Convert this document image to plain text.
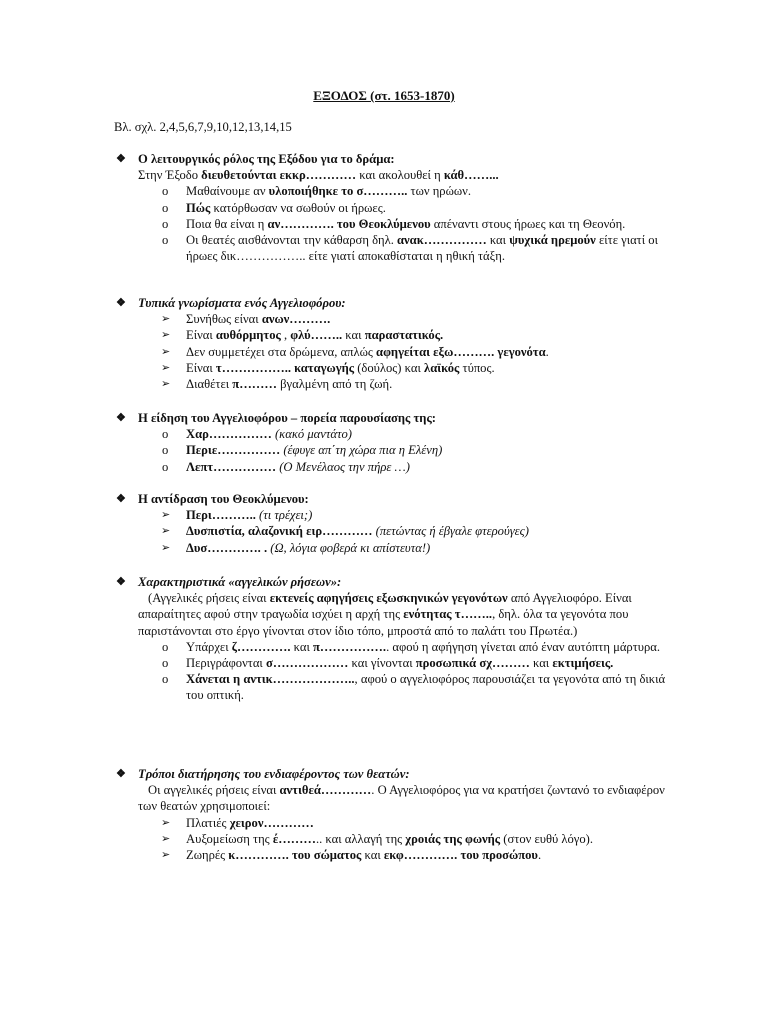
ΕΞΟΔΟΣ (στ. 1653-1870)
Βλ. σχλ. 2,4,5,6,7,9,10,12,13,14,15
❖ Ο λειτουργικός ρόλος της Εξόδου για το δράμα:
Στην Έξοδο διευθετούνται εκκρ………… και ακολουθεί η κάθ……...
o	Μαθαίνουμε αν υλοποιήθηκε το σ……….. των ηρώων.
o	Πώς κατόρθωσαν να σωθούν οι ήρωες.
o	Ποια θα είναι η αν…………. του Θεοκλύμενου απέναντι στους ήρωες και τη Θεονόη.
o	Οι θεατές αισθάνονται την κάθαρση δηλ. ανακ…………… και ψυχικά ηρεμούν είτε γιατί οι ήρωες δικ…………….. είτε γιατί αποκαθίσταται η ηθική τάξη.
❖ Τυπικά γνωρίσματα ενός Αγγελιοφόρου:
➢	Συνήθως είναι ανων……….
➢	Είναι αυθόρμητος , φλύ…….. και παραστατικός.
➢	Δεν συμμετέχει στα δρώμενα, απλώς αφηγείται εξω………. γεγονότα.
➢	Είναι τ…………….. καταγωγής (δούλος) και λαϊκός τύπος.
➢	Διαθέτει π……… βγαλμένη από τη ζωή.
❖ Η είδηση του Αγγελιοφόρου – πορεία παρουσίασης της:
o	Χαρ…………… (κακό μαντάτο)
o	Περιε…………… (έφυγε απ΄τη χώρα πια η Ελένη)
o	Λεπτ…………… (Ο Μενέλαος την πήρε …)
❖ Η αντίδραση του Θεοκλύμενου:
➢	Περι……….. (τι τρέχει;)
➢	Δυσπιστία, αλαζονική ειρ………… (πετώντας ή έβγαλε φτερούγες)
➢	Δυσ…………. . (Ω, λόγια φοβερά κι απίστευτα!)
❖ Χαρακτηριστικά «αγγελικών ρήσεων»:
(Αγγελικές ρήσεις είναι εκτενείς αφηγήσεις εξωσκηνικών γεγονότων από Αγγελιοφόρο. Είναι απαραίτητες αφού στην τραγωδία ισχύει η αρχή της ενότητας τ…….., δηλ. όλα τα γεγονότα που παριστάνονται στο έργο γίνονται στον ίδιο τόπο, μπροστά από το παλάτι του Πρωτέα.)
o	Υπάρχει ζ…………. και π…………….. αφού η αφήγηση γίνεται από έναν αυτόπτη μάρτυρα.
o	Περιγράφονται σ……………… και γίνονται προσωπικά σχ……… και εκτιμήσεις.
o	Χάνεται η αντικ……………….., αφού ο αγγελιοφόρος παρουσιάζει τα γεγονότα από τη δικιά του οπτική.
❖ Τρόποι διατήρησης του ενδιαφέροντος των θεατών:
Οι αγγελικές ρήσεις είναι αντιθεά…………. Ο Αγγελιοφόρος για να κρατήσει ζωντανό το ενδιαφέρον των θεατών χρησιμοποιεί:
➢	Πλατιές χειρον…………
➢	Αυξομείωση της έ……….. και αλλαγή της χροιάς της φωνής (στον ευθύ λόγο).
➢	Ζωηρές κ…………. του σώματος και εκφ…………. του προσώπου.
